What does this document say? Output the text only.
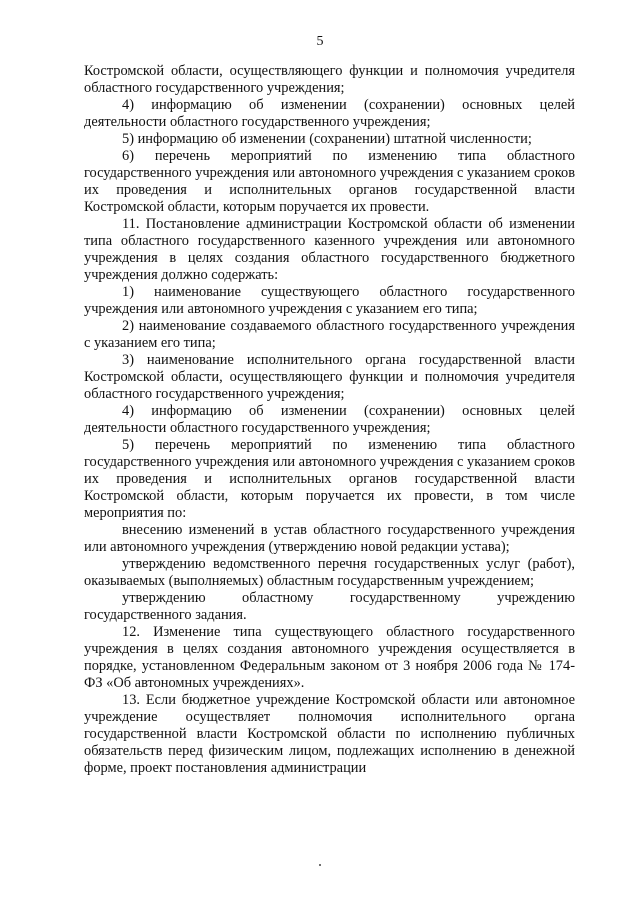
5

Костромской области, осуществляющего функции и полномочия учредителя областного государственного учреждения;

4) информацию об изменении (сохранении) основных целей деятельности областного государственного учреждения;

5) информацию об изменении (сохранении) штатной численности;

6) перечень мероприятий по изменению типа областного государственного учреждения или автономного учреждения с указанием сроков их проведения и исполнительных органов государственной власти Костромской области, которым поручается их провести.

11. Постановление администрации Костромской области об изменении типа областного государственного казенного учреждения или автономного учреждения в целях создания областного государственного бюджетного учреждения должно содержать:

1) наименование существующего областного государственного учреждения или автономного учреждения с указанием его типа;

2) наименование создаваемого областного государственного учреждения с указанием его типа;

3) наименование исполнительного органа государственной власти Костромской области, осуществляющего функции и полномочия учредителя областного государственного учреждения;

4) информацию об изменении (сохранении) основных целей деятельности областного государственного учреждения;

5) перечень мероприятий по изменению типа областного государственного учреждения или автономного учреждения с указанием сроков их проведения и исполнительных органов государственной власти Костромской области, которым поручается их провести, в том числе мероприятия по:

внесению изменений в устав областного государственного учреждения или автономного учреждения (утверждению новой редакции устава);

утверждению ведомственного перечня государственных услуг (работ), оказываемых (выполняемых) областным государственным учреждением;

утверждению областному государственному учреждению государственного задания.

12. Изменение типа существующего областного государственного учреждения в целях создания автономного учреждения осуществляется в порядке, установленном Федеральным законом от 3 ноября 2006 года № 174-ФЗ «Об автономных учреждениях».

13. Если бюджетное учреждение Костромской области или автономное учреждение осуществляет полномочия исполнительного органа государственной власти Костромской области по исполнению публичных обязательств перед физическим лицом, подлежащих исполнению в денежной форме, проект постановления администрации
